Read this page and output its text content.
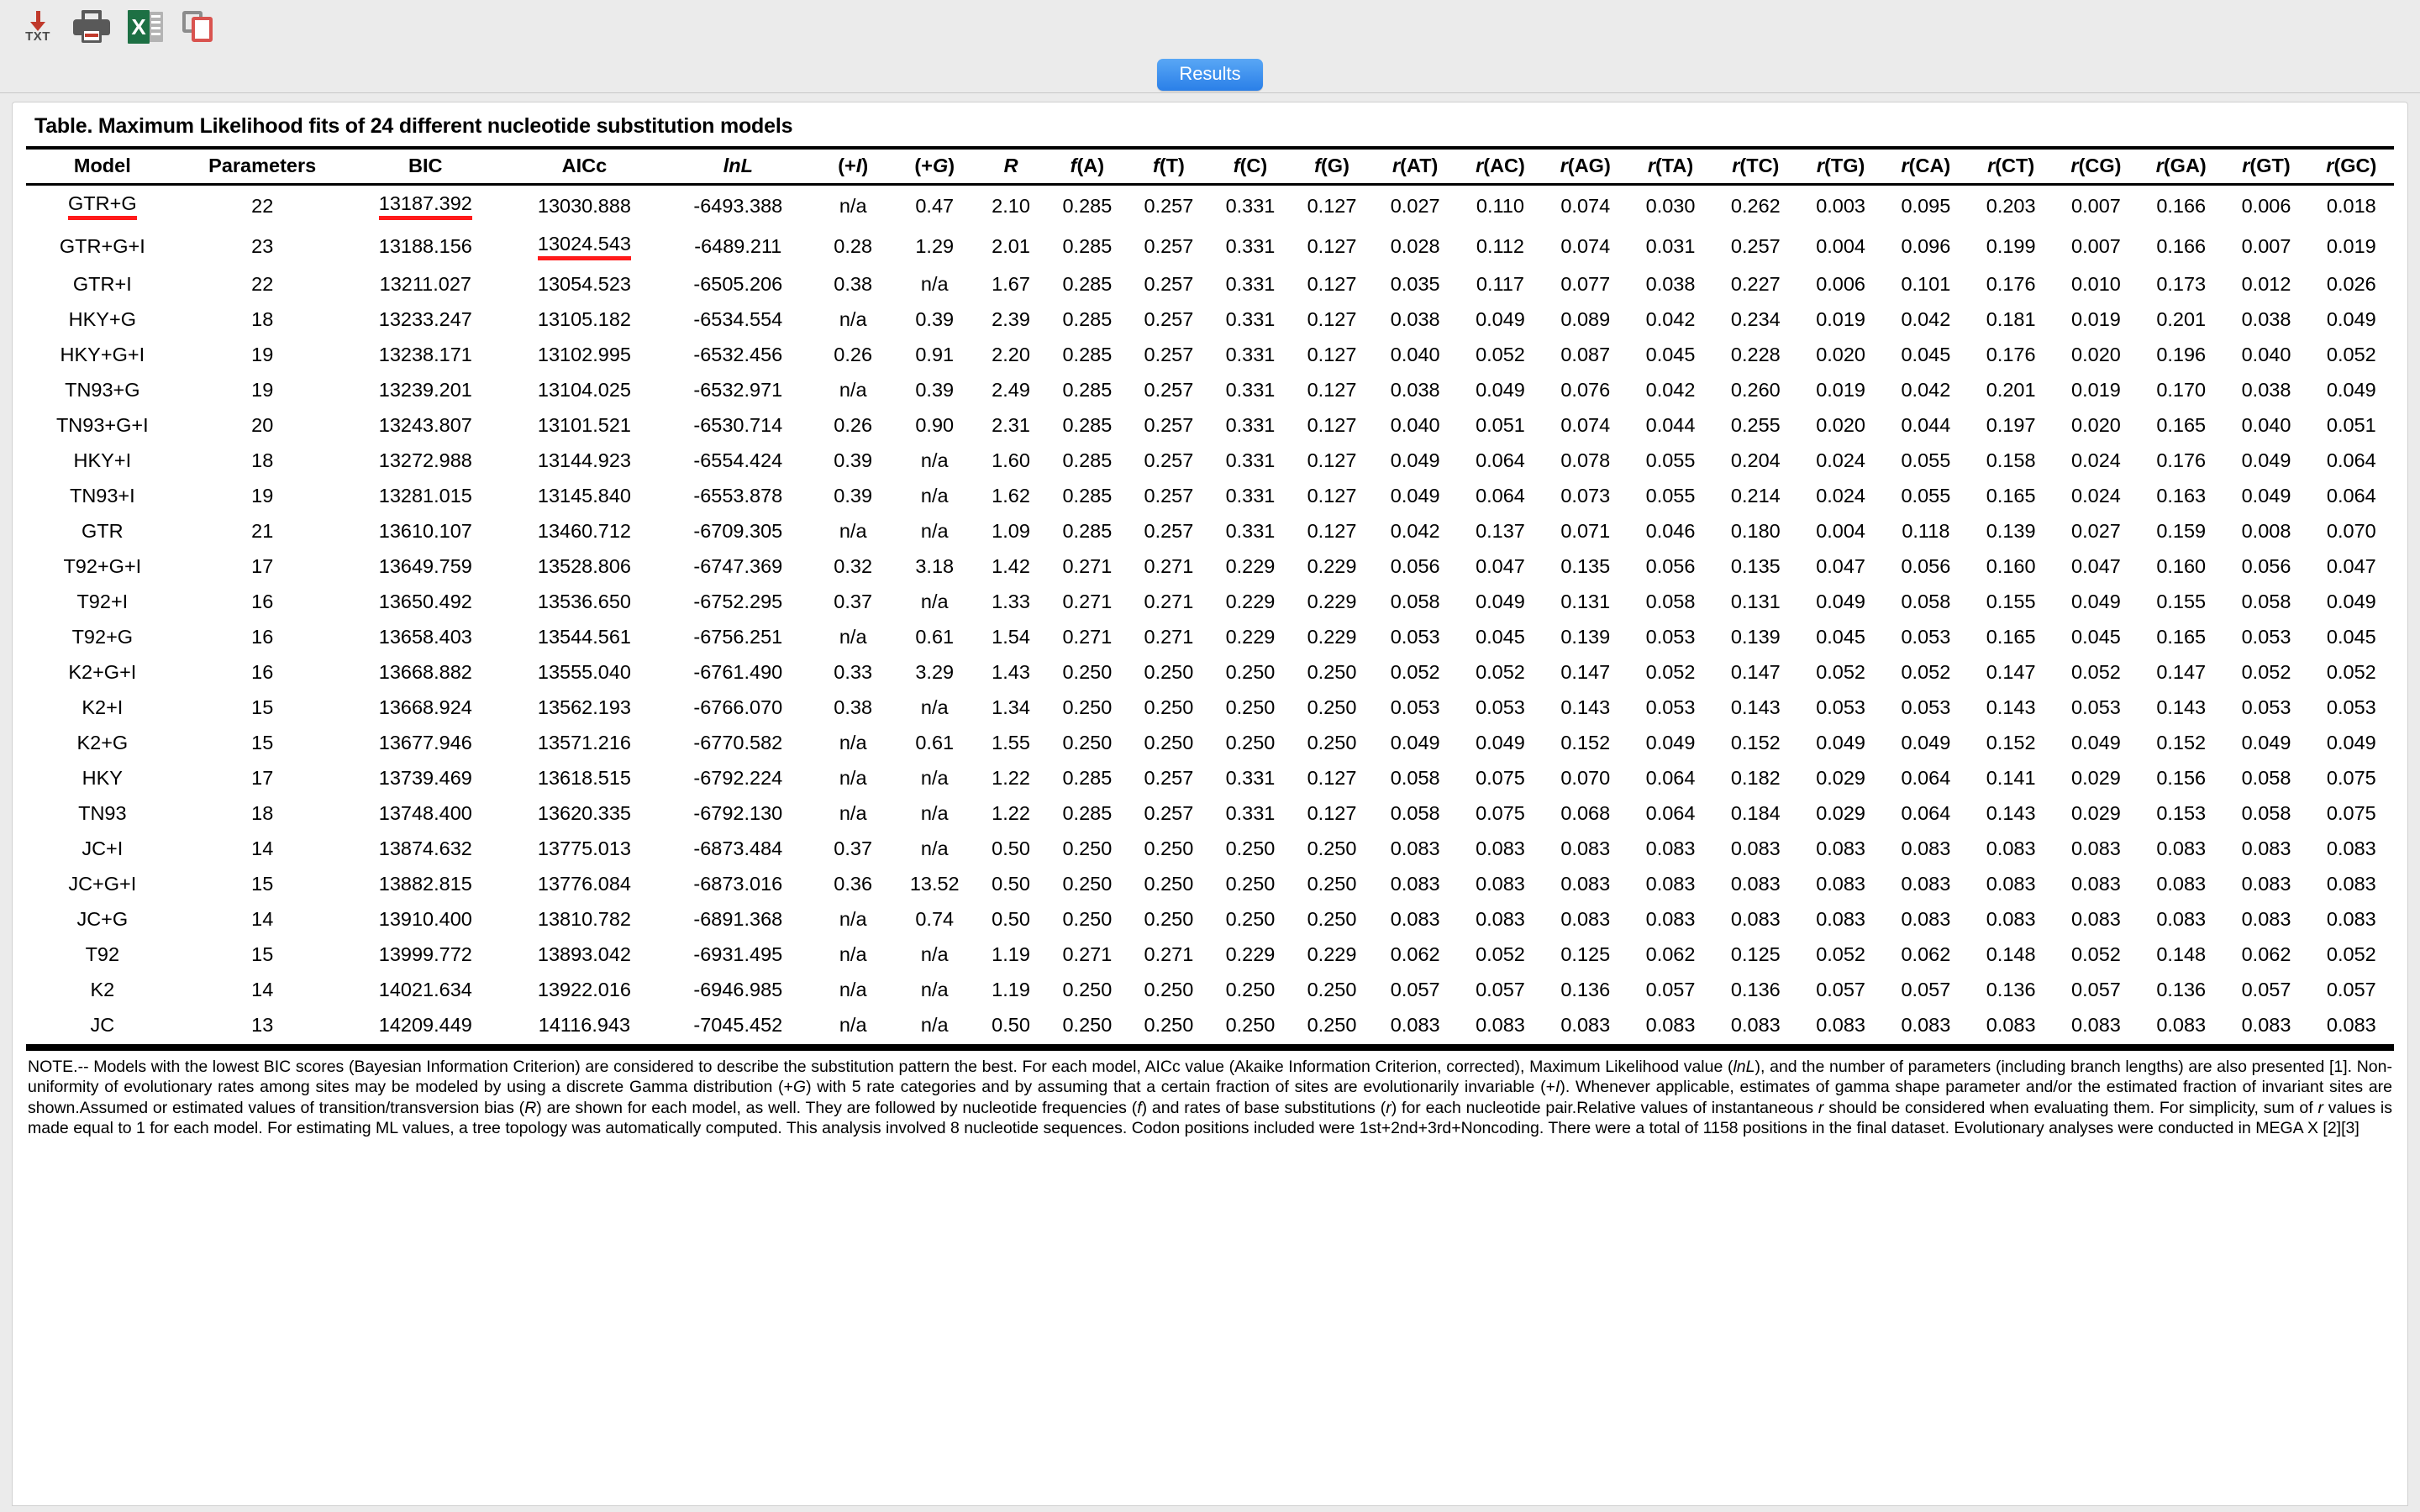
TXT	X
Results
Table. Maximum Likelihood fits of 24 different nucleotide substitution models
Model	Parameters	BIC	AICc	lnL	(+I)	(+G)	R	f(A)	f(T)	f(C)	f(G)	r(AT)	r(AC)	r(AG)	r(TA)	r(TC)	r(TG)	r(CA)	r(CT)	r(CG)	r(GA)	r(GT)	r(GC)
GTR+G	22	13187.392	13030.888	-6493.388	n/a	0.47	2.10	0.285	0.257	0.331	0.127	0.027	0.110	0.074	0.030	0.262	0.003	0.095	0.203	0.007	0.166	0.006	0.018
GTR+G+I	23	13188.156	13024.543	-6489.211	0.28	1.29	2.01	0.285	0.257	0.331	0.127	0.028	0.112	0.074	0.031	0.257	0.004	0.096	0.199	0.007	0.166	0.007	0.019
GTR+I	22	13211.027	13054.523	-6505.206	0.38	n/a	1.67	0.285	0.257	0.331	0.127	0.035	0.117	0.077	0.038	0.227	0.006	0.101	0.176	0.010	0.173	0.012	0.026
HKY+G	18	13233.247	13105.182	-6534.554	n/a	0.39	2.39	0.285	0.257	0.331	0.127	0.038	0.049	0.089	0.042	0.234	0.019	0.042	0.181	0.019	0.201	0.038	0.049
HKY+G+I	19	13238.171	13102.995	-6532.456	0.26	0.91	2.20	0.285	0.257	0.331	0.127	0.040	0.052	0.087	0.045	0.228	0.020	0.045	0.176	0.020	0.196	0.040	0.052
TN93+G	19	13239.201	13104.025	-6532.971	n/a	0.39	2.49	0.285	0.257	0.331	0.127	0.038	0.049	0.076	0.042	0.260	0.019	0.042	0.201	0.019	0.170	0.038	0.049
TN93+G+I	20	13243.807	13101.521	-6530.714	0.26	0.90	2.31	0.285	0.257	0.331	0.127	0.040	0.051	0.074	0.044	0.255	0.020	0.044	0.197	0.020	0.165	0.040	0.051
HKY+I	18	13272.988	13144.923	-6554.424	0.39	n/a	1.60	0.285	0.257	0.331	0.127	0.049	0.064	0.078	0.055	0.204	0.024	0.055	0.158	0.024	0.176	0.049	0.064
TN93+I	19	13281.015	13145.840	-6553.878	0.39	n/a	1.62	0.285	0.257	0.331	0.127	0.049	0.064	0.073	0.055	0.214	0.024	0.055	0.165	0.024	0.163	0.049	0.064
GTR	21	13610.107	13460.712	-6709.305	n/a	n/a	1.09	0.285	0.257	0.331	0.127	0.042	0.137	0.071	0.046	0.180	0.004	0.118	0.139	0.027	0.159	0.008	0.070
T92+G+I	17	13649.759	13528.806	-6747.369	0.32	3.18	1.42	0.271	0.271	0.229	0.229	0.056	0.047	0.135	0.056	0.135	0.047	0.056	0.160	0.047	0.160	0.056	0.047
T92+I	16	13650.492	13536.650	-6752.295	0.37	n/a	1.33	0.271	0.271	0.229	0.229	0.058	0.049	0.131	0.058	0.131	0.049	0.058	0.155	0.049	0.155	0.058	0.049
T92+G	16	13658.403	13544.561	-6756.251	n/a	0.61	1.54	0.271	0.271	0.229	0.229	0.053	0.045	0.139	0.053	0.139	0.045	0.053	0.165	0.045	0.165	0.053	0.045
K2+G+I	16	13668.882	13555.040	-6761.490	0.33	3.29	1.43	0.250	0.250	0.250	0.250	0.052	0.052	0.147	0.052	0.147	0.052	0.052	0.147	0.052	0.147	0.052	0.052
K2+I	15	13668.924	13562.193	-6766.070	0.38	n/a	1.34	0.250	0.250	0.250	0.250	0.053	0.053	0.143	0.053	0.143	0.053	0.053	0.143	0.053	0.143	0.053	0.053
K2+G	15	13677.946	13571.216	-6770.582	n/a	0.61	1.55	0.250	0.250	0.250	0.250	0.049	0.049	0.152	0.049	0.152	0.049	0.049	0.152	0.049	0.152	0.049	0.049
HKY	17	13739.469	13618.515	-6792.224	n/a	n/a	1.22	0.285	0.257	0.331	0.127	0.058	0.075	0.070	0.064	0.182	0.029	0.064	0.141	0.029	0.156	0.058	0.075
TN93	18	13748.400	13620.335	-6792.130	n/a	n/a	1.22	0.285	0.257	0.331	0.127	0.058	0.075	0.068	0.064	0.184	0.029	0.064	0.143	0.029	0.153	0.058	0.075
JC+I	14	13874.632	13775.013	-6873.484	0.37	n/a	0.50	0.250	0.250	0.250	0.250	0.083	0.083	0.083	0.083	0.083	0.083	0.083	0.083	0.083	0.083	0.083	0.083
JC+G+I	15	13882.815	13776.084	-6873.016	0.36	13.52	0.50	0.250	0.250	0.250	0.250	0.083	0.083	0.083	0.083	0.083	0.083	0.083	0.083	0.083	0.083	0.083	0.083
JC+G	14	13910.400	13810.782	-6891.368	n/a	0.74	0.50	0.250	0.250	0.250	0.250	0.083	0.083	0.083	0.083	0.083	0.083	0.083	0.083	0.083	0.083	0.083	0.083
T92	15	13999.772	13893.042	-6931.495	n/a	n/a	1.19	0.271	0.271	0.229	0.229	0.062	0.052	0.125	0.062	0.125	0.052	0.062	0.148	0.052	0.148	0.062	0.052
K2	14	14021.634	13922.016	-6946.985	n/a	n/a	1.19	0.250	0.250	0.250	0.250	0.057	0.057	0.136	0.057	0.136	0.057	0.057	0.136	0.057	0.136	0.057	0.057
JC	13	14209.449	14116.943	-7045.452	n/a	n/a	0.50	0.250	0.250	0.250	0.250	0.083	0.083	0.083	0.083	0.083	0.083	0.083	0.083	0.083	0.083	0.083	0.083
NOTE.-- Models with the lowest BIC scores (Bayesian Information Criterion) are considered to describe the substitution pattern the best. For each model, AICc value (Akaike Information Criterion, corrected), Maximum Likelihood value (lnL), and the number of parameters (including branch lengths) are also presented [1]. Non-uniformity of evolutionary rates among sites may be modeled by using a discrete Gamma distribution (+G) with 5 rate categories and by assuming that a certain fraction of sites are evolutionarily invariable (+I). Whenever applicable, estimates of gamma shape parameter and/or the estimated fraction of invariant sites are shown.Assumed or estimated values of transition/transversion bias (R) are shown for each model, as well. They are followed by nucleotide frequencies (f) and rates of base substitutions (r) for each nucleotide pair.Relative values of instantaneous r should be considered when evaluating them. For simplicity, sum of r values is made equal to 1 for each model. For estimating ML values, a tree topology was automatically computed. This analysis involved 8 nucleotide sequences. Codon positions included were 1st+2nd+3rd+Noncoding. There were a total of 1158 positions in the final dataset. Evolutionary analyses were conducted in MEGA X [2][3]
